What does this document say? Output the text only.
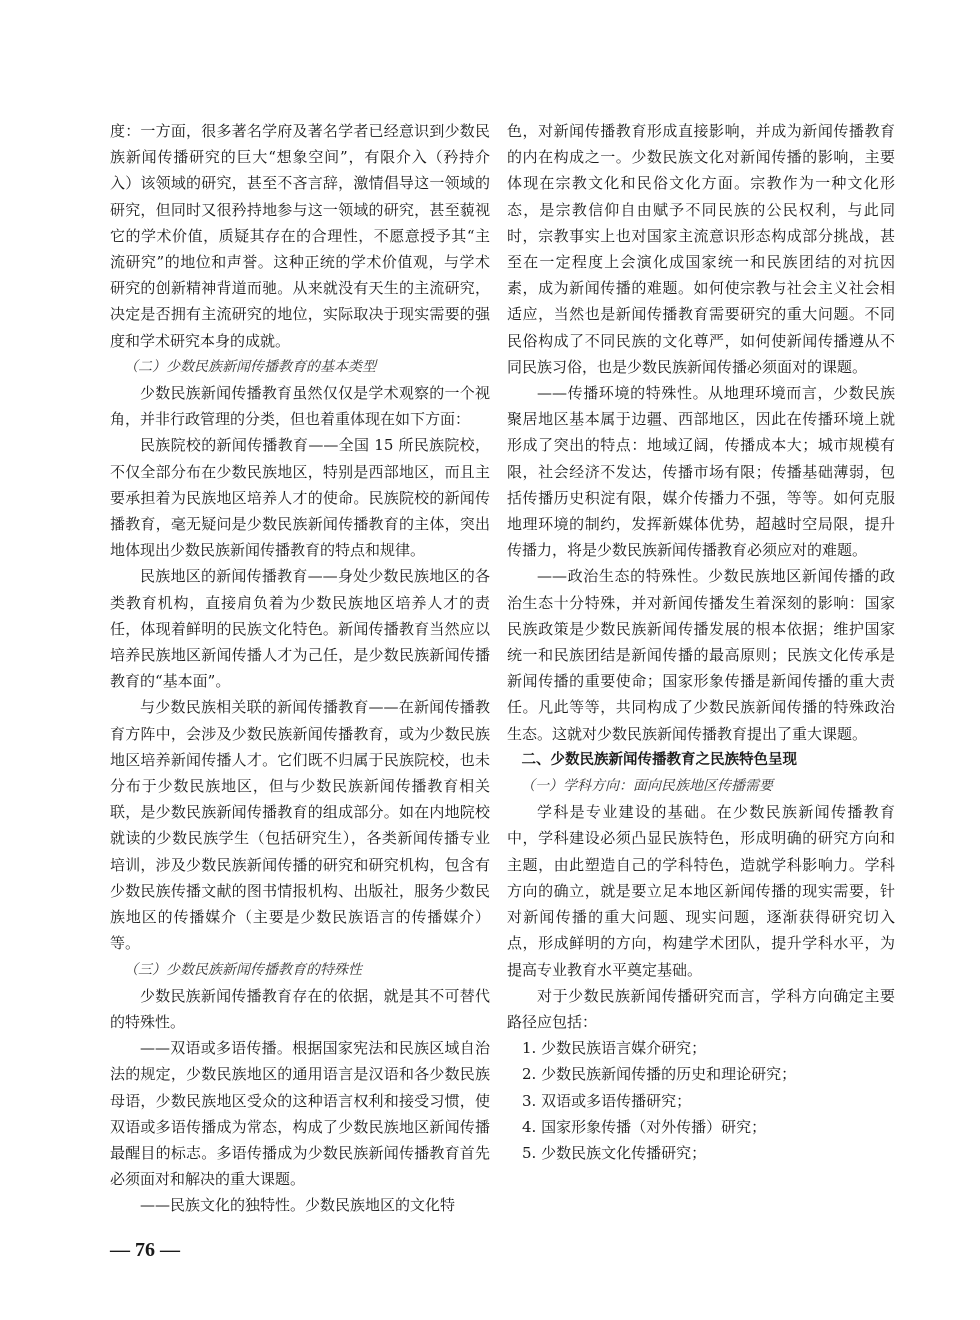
度：一方面，很多著名学府及著名学者已经意识到少数民族新闻传播研究的巨大“想象空间”，有限介入（矜持介入）该领域的研究，甚至不吝言辞，激情倡导这一领域的研究，但同时又很矜持地参与这一领域的研究，甚至藐视它的学术价值，质疑其存在的合理性，不愿意授予其“主流研究”的地位和声誉。这种正统的学术价值观，与学术研究的创新精神背道而驰。从来就没有天生的主流研究，决定是否拥有主流研究的地位，实际取决于现实需要的强度和学术研究本身的成就。

（二）少数民族新闻传播教育的基本类型

少数民族新闻传播教育虽然仅仅是学术观察的一个视角，并非行政管理的分类，但也着重体现在如下方面：

民族院校的新闻传播教育——全国 15 所民族院校，不仅全部分布在少数民族地区，特别是西部地区，而且主要承担着为民族地区培养人才的使命。民族院校的新闻传播教育，毫无疑问是少数民族新闻传播教育的主体，突出地体现出少数民族新闻传播教育的特点和规律。

民族地区的新闻传播教育——身处少数民族地区的各类教育机构，直接肩负着为少数民族地区培养人才的责任，体现着鲜明的民族文化特色。新闻传播教育当然应以培养民族地区新闻传播人才为己任，是少数民族新闻传播教育的“基本面”。

与少数民族相关联的新闻传播教育——在新闻传播教育方阵中，会涉及少数民族新闻传播教育，或为少数民族地区培养新闻传播人才。它们既不归属于民族院校，也未分布于少数民族地区，但与少数民族新闻传播教育相关联，是少数民族新闻传播教育的组成部分。如在内地院校就读的少数民族学生（包括研究生），各类新闻传播专业培训，涉及少数民族新闻传播的研究和研究机构，包含有少数民族传播文献的图书情报机构、出版社，服务少数民族地区的传播媒介（主要是少数民族语言的传播媒介）等。

（三）少数民族新闻传播教育的特殊性

少数民族新闻传播教育存在的依据，就是其不可替代的特殊性。

——双语或多语传播。根据国家宪法和民族区域自治法的规定，少数民族地区的通用语言是汉语和各少数民族母语，少数民族地区受众的这种语言权利和接受习惯，使双语或多语传播成为常态，构成了少数民族地区新闻传播最醒目的标志。多语传播成为少数民族新闻传播教育首先必须面对和解决的重大课题。

——民族文化的独特性。少数民族地区的文化特

— 76 —

色，对新闻传播教育形成直接影响，并成为新闻传播教育的内在构成之一。少数民族文化对新闻传播的影响，主要体现在宗教文化和民俗文化方面。宗教作为一种文化形态，是宗教信仰自由赋予不同民族的公民权利，与此同时，宗教事实上也对国家主流意识形态构成部分挑战，甚至在一定程度上会演化成国家统一和民族团结的对抗因素，成为新闻传播的难题。如何使宗教与社会主义社会相适应，当然也是新闻传播教育需要研究的重大问题。不同民俗构成了不同民族的文化尊严，如何使新闻传播遵从不同民族习俗，也是少数民族新闻传播必须面对的课题。

——传播环境的特殊性。从地理环境而言，少数民族聚居地区基本属于边疆、西部地区，因此在传播环境上就形成了突出的特点：地域辽阔，传播成本大；城市规模有限，社会经济不发达，传播市场有限；传播基础薄弱，包括传播历史积淀有限，媒介传播力不强，等等。如何克服地理环境的制约，发挥新媒体优势，超越时空局限，提升传播力，将是少数民族新闻传播教育必须应对的难题。

——政治生态的特殊性。少数民族地区新闻传播的政治生态十分特殊，并对新闻传播发生着深刻的影响：国家民族政策是少数民族新闻传播发展的根本依据；维护国家统一和民族团结是新闻传播的最高原则；民族文化传承是新闻传播的重要使命；国家形象传播是新闻传播的重大责任。凡此等等，共同构成了少数民族新闻传播的特殊政治生态。这就对少数民族新闻传播教育提出了重大课题。

二、少数民族新闻传播教育之民族特色呈现

（一）学科方向：面向民族地区传播需要

学科是专业建设的基础。在少数民族新闻传播教育中，学科建设必须凸显民族特色，形成明确的研究方向和主题，由此塑造自己的学科特色，造就学科影响力。学科方向的确立，就是要立足本地区新闻传播的现实需要，针对新闻传播的重大问题、现实问题，逐渐获得研究切入点，形成鲜明的方向，构建学术团队，提升学科水平，为提高专业教育水平奠定基础。

对于少数民族新闻传播研究而言，学科方向确定主要路径应包括：

1. 少数民族语言媒介研究；

2. 少数民族新闻传播的历史和理论研究；

3. 双语或多语传播研究；

4. 国家形象传播（对外传播）研究；

5. 少数民族文化传播研究；
